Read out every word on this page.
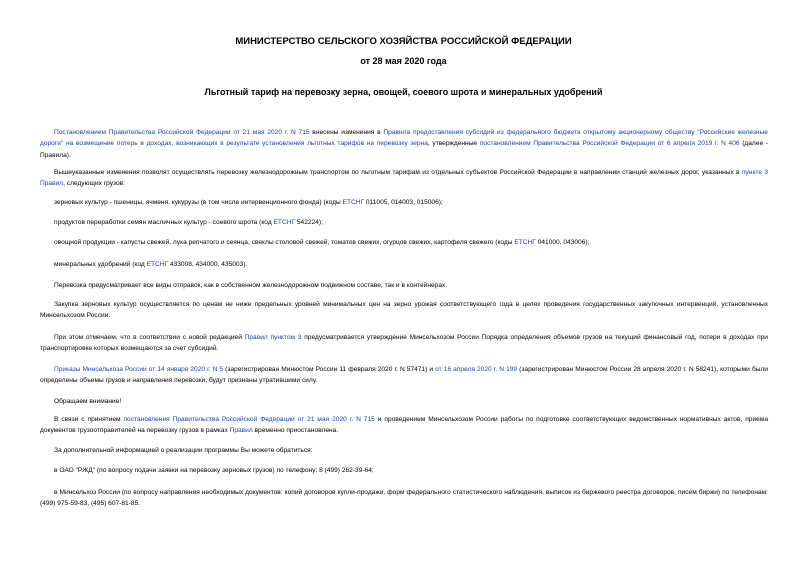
МИНИСТЕРСТВО СЕЛЬСКОГО ХОЗЯЙСТВА РОССИЙСКОЙ ФЕДЕРАЦИИ
от 28 мая 2020 года
Льготный тариф на перевозку зерна, овощей, соевого шрота и минеральных удобрений

Постановлением Правительства Российской Федерации от 21 мая 2020 г. N 715 внесены изменения в Правила предоставления субсидий из федерального бюджета открытому акционерному обществу "Российские железные дороги" на возмещение потерь в доходах, возникающих в результате установления льготных тарифов на перевозку зерна, утвержденные постановлением Правительства Российской Федерации от 6 апреля 2019 г. N 406 (далее - Правила).

Вышеуказанные изменения позволят осуществлять перевозку железнодорожным транспортом по льготным тарифам из отдельных субъектов Российской Федерации в направлении станций железных дорог, указанных в пункте 3 Правил, следующих грузов:

зерновых культур - пшеницы, ячменя, кукурузы (в том числе интервенционного фонда) (коды ЕТСНГ 011005, 014003, 015006);

продуктов переработки семян масличных культур - соевого шрота (код ЕТСНГ 542224);

овощной продукции - капусты свежей, лука репчатого и сеянца, свеклы столовой свежей, томатов свежих, огурцов свежих, картофеля свежего (коды ЕТСНГ 041000, 043006);

минеральных удобрений (код ЕТСНГ 433008, 434000, 435003).

Перевозка предусматривает все виды отправок, как в собственном железнодорожном подвижном составе, так и в контейнерах.

Закупка зерновых культур осуществляется по ценам не ниже предельных уровней минимальных цен на зерно урожая соответствующего года в целях проведения государственных закупочных интервенций, установленных Минсельхозом России.

При этом отмечаем, что в соответствии с новой редакцией Правил пунктом 3 предусматривается утверждение Минсельхозом России Порядка определения объемов грузов на текущий финансовый год, потери в доходах при транспортировке которых возмещаются за счет субсидий.

Приказы Минсельхоза России от 14 января 2020 г. N 5 (зарегистрирован Минюстом России 11 февраля 2020 г. N 57471) и от 16 апреля 2020 г. N 199 (зарегистрирован Минюстом России 28 апреля 2020 г. N 58241), которыми были определены объемы грузов и направления перевозки, будут признаны утратившими силу.

Обращаем внимание!

В связи с принятием постановления Правительства Российской Федерации от 21 мая 2020 г. N 715 и проведением Минсельхозом России работы по подготовке соответствующих ведомственных нормативных актов, приема документов грузоотправителей на перевозку грузов в рамках Правил временно приостановлена.

За дополнительной информацией о реализации программы Вы можете обратиться:

в ОАО "РЖД" (по вопросу подачи заявки на перевозку зерновых грузов) по телефону: 8 (499) 262-39-64;

в Минсельхоз России (по вопросу направления необходимых документов: копий договоров купли-продажи, форм федерального статистического наблюдения, выписок из биржевого реестра договоров, писем биржи) по телефонам: (499) 975-59-83, (495) 607-81-85.
